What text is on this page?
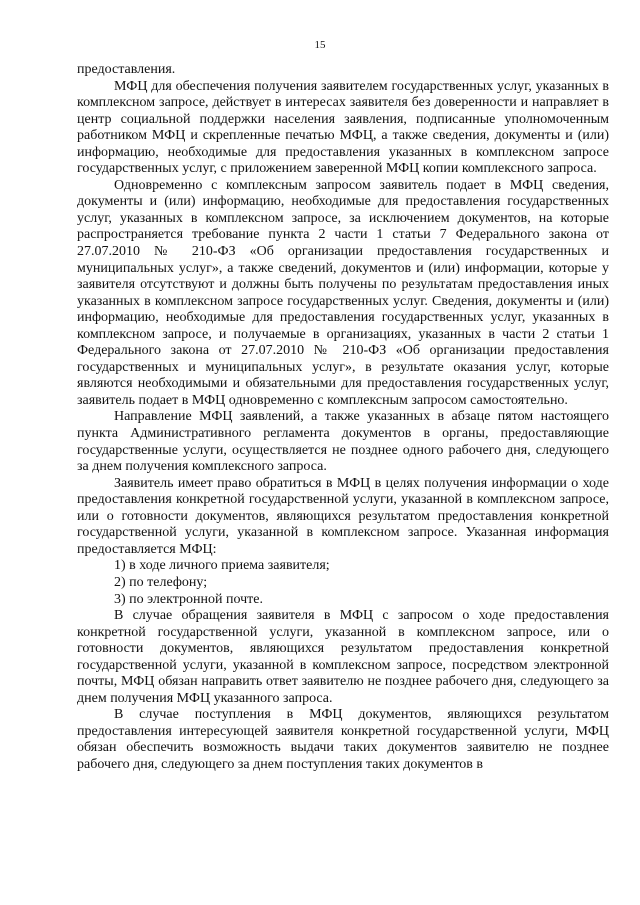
15

предоставления.

МФЦ для обеспечения получения заявителем государственных услуг, указанных в комплексном запросе, действует в интересах заявителя без доверенности и направляет в центр социальной поддержки населения заявления, подписанные уполномоченным работником МФЦ и скрепленные печатью МФЦ, а также сведения, документы и (или) информацию, необходимые для предоставления указанных в комплексном запросе государственных услуг, с приложением заверенной МФЦ копии комплексного запроса.

Одновременно с комплексным запросом заявитель подает в МФЦ сведения, документы и (или) информацию, необходимые для предоставления государственных услуг, указанных в комплексном запросе, за исключением документов, на которые распространяется требование пункта 2 части 1 статьи 7 Федерального закона от 27.07.2010 № 210-ФЗ «Об организации предоставления государственных и муниципальных услуг», а также сведений, документов и (или) информации, которые у заявителя отсутствуют и должны быть получены по результатам предоставления иных указанных в комплексном запросе государственных услуг. Сведения, документы и (или) информацию, необходимые для предоставления государственных услуг, указанных в комплексном запросе, и получаемые в организациях, указанных в части 2 статьи 1 Федерального закона от 27.07.2010 № 210-ФЗ «Об организации предоставления государственных и муниципальных услуг», в результате оказания услуг, которые являются необходимыми и обязательными для предоставления государственных услуг, заявитель подает в МФЦ одновременно с комплексным запросом самостоятельно.

Направление МФЦ заявлений, а также указанных в абзаце пятом настоящего пункта Административного регламента документов в органы, предоставляющие государственные услуги, осуществляется не позднее одного рабочего дня, следующего за днем получения комплексного запроса.

Заявитель имеет право обратиться в МФЦ в целях получения информации о ходе предоставления конкретной государственной услуги, указанной в комплексном запросе, или о готовности документов, являющихся результатом предоставления конкретной государственной услуги, указанной в комплексном запросе. Указанная информация предоставляется МФЦ:

1) в ходе личного приема заявителя;

2) по телефону;

3) по электронной почте.

В случае обращения заявителя в МФЦ с запросом о ходе предоставления конкретной государственной услуги, указанной в комплексном запросе, или о готовности документов, являющихся результатом предоставления конкретной государственной услуги, указанной в комплексном запросе, посредством электронной почты, МФЦ обязан направить ответ заявителю не позднее рабочего дня, следующего за днем получения МФЦ указанного запроса.

В случае поступления в МФЦ документов, являющихся результатом предоставления интересующей заявителя конкретной государственной услуги, МФЦ обязан обеспечить возможность выдачи таких документов заявителю не позднее рабочего дня, следующего за днем поступления таких документов в
